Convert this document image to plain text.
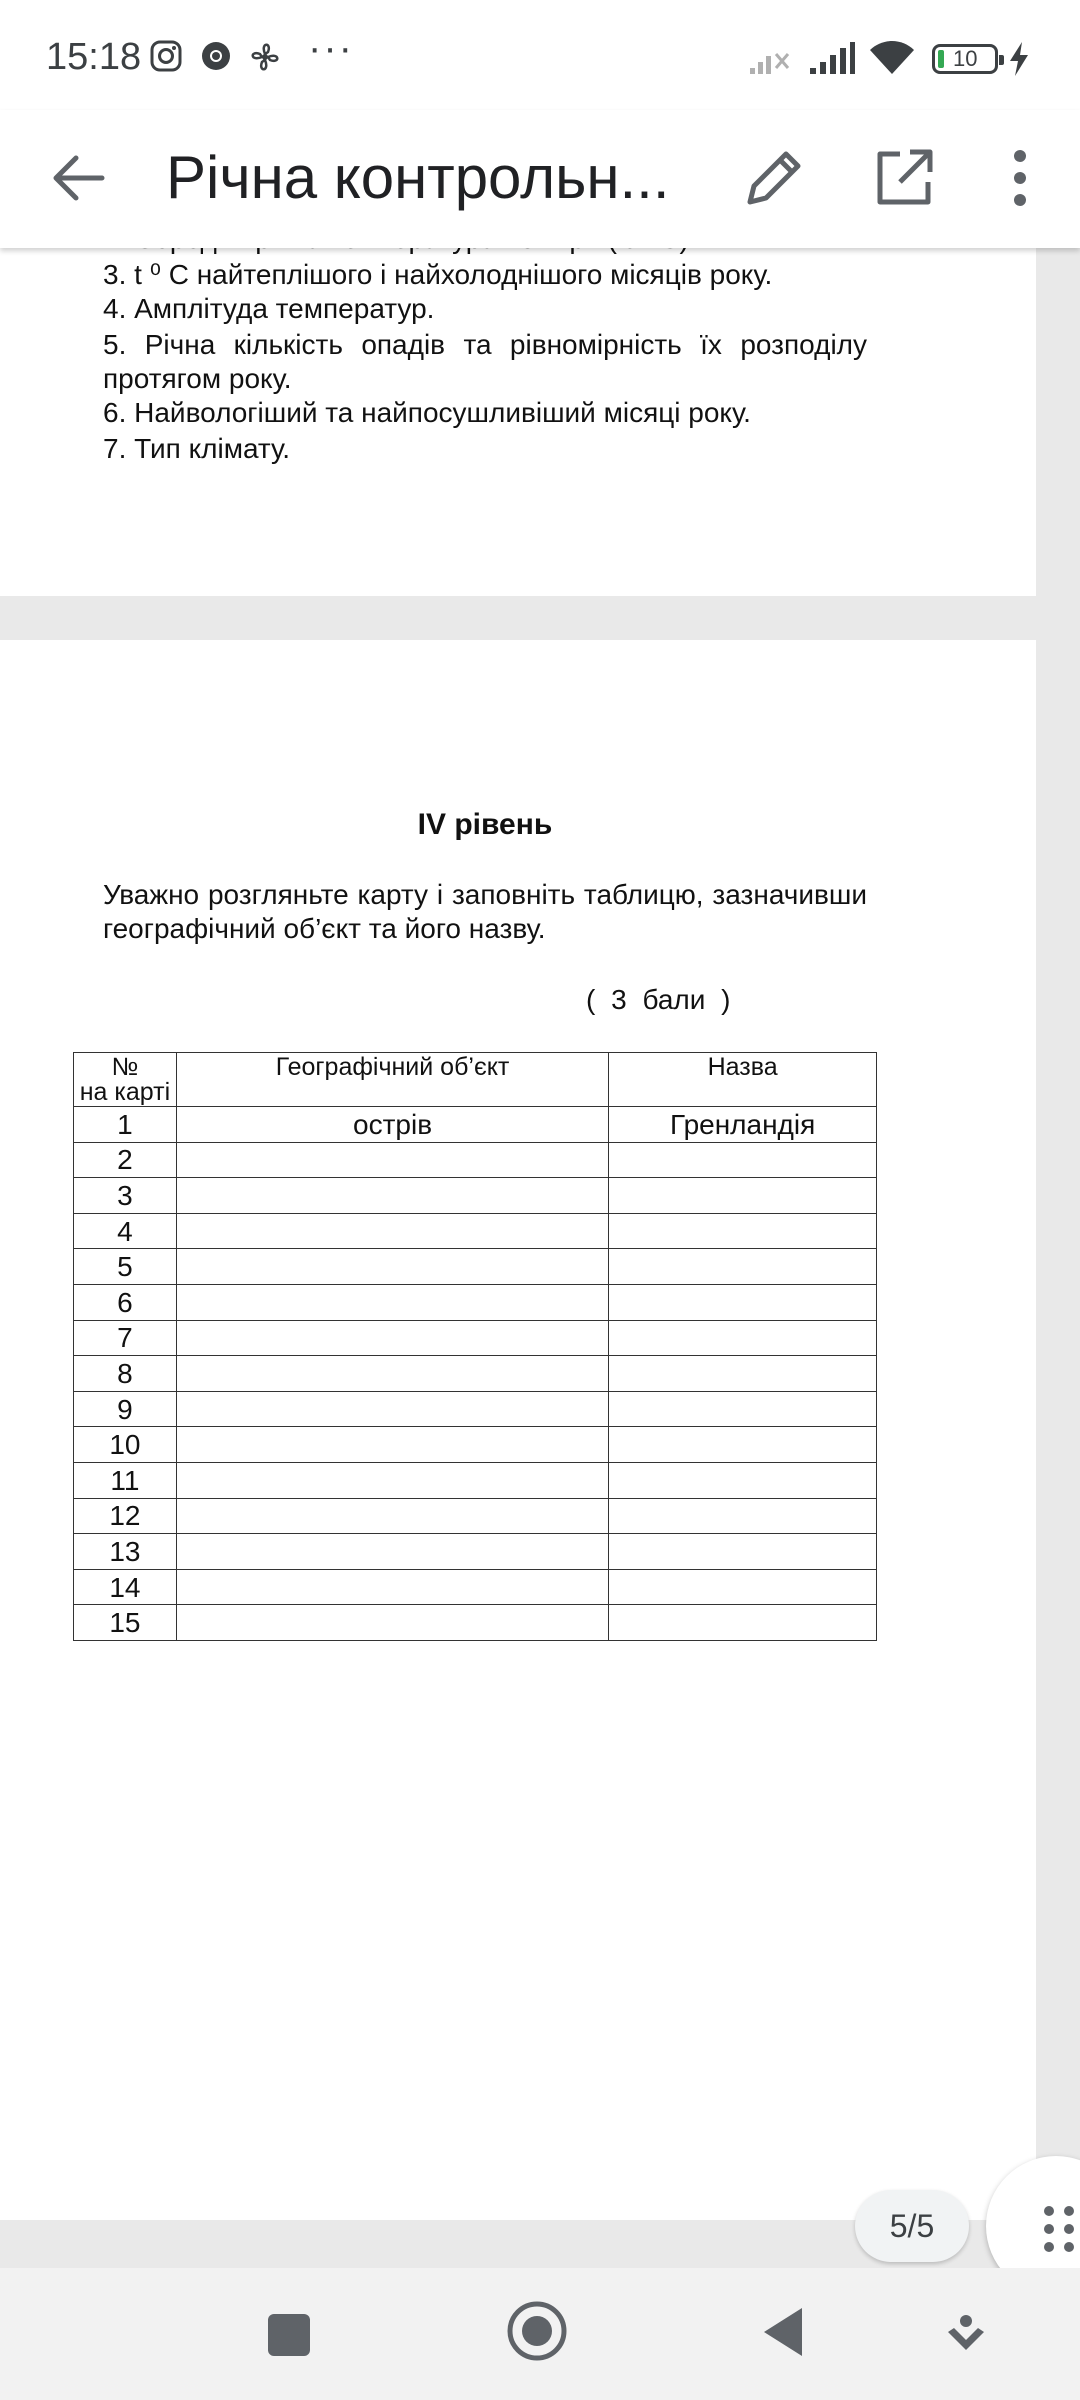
15:18	···	10
Річна контрольн...
3. t ⁰ С найтеплішого і найхолоднішого місяців року.
4. Амплітуда температур.
5. Річна кількість опадів та рівномірність їх розподілу протягом року.
6. Найвологіший та найпосушливіший місяці року.
7. Тип клімату.
IV рівень
Уважно розгляньте карту і заповніть таблицю, зазначивши географічний об’єкт та його назву.
( 3 бали )
№
на карті	Географічний об’єкт	Назва
1	острів	Гренландія
2		
3		
4		
5		
6		
7		
8		
9		
10		
11		
12		
13		
14		
15		
5/5
